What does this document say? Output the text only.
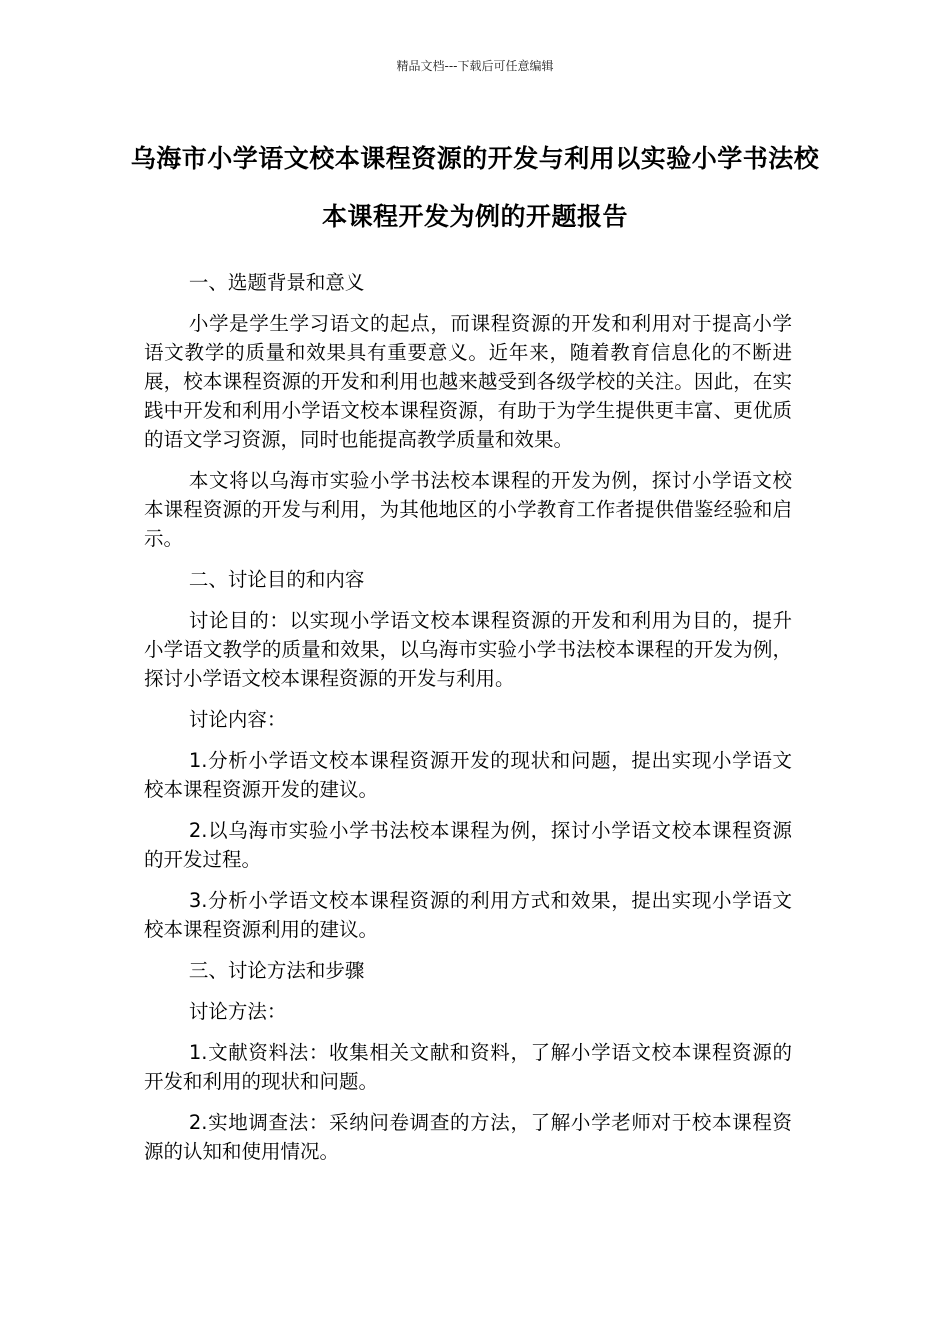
精品文档---下载后可任意编辑
乌海市小学语文校本课程资源的开发与利用以实验小学书法校本课程开发为例的开题报告

一、选题背景和意义

小学是学生学习语文的起点，而课程资源的开发和利用对于提高小学语文教学的质量和效果具有重要意义。近年来，随着教育信息化的不断进展，校本课程资源的开发和利用也越来越受到各级学校的关注。因此，在实践中开发和利用小学语文校本课程资源，有助于为学生提供更丰富、更优质的语文学习资源，同时也能提高教学质量和效果。

本文将以乌海市实验小学书法校本课程的开发为例，探讨小学语文校本课程资源的开发与利用，为其他地区的小学教育工作者提供借鉴经验和启示。

二、讨论目的和内容

讨论目的：以实现小学语文校本课程资源的开发和利用为目的，提升小学语文教学的质量和效果，以乌海市实验小学书法校本课程的开发为例，探讨小学语文校本课程资源的开发与利用。

讨论内容：

1.分析小学语文校本课程资源开发的现状和问题，提出实现小学语文校本课程资源开发的建议。

2.以乌海市实验小学书法校本课程为例，探讨小学语文校本课程资源的开发过程。

3.分析小学语文校本课程资源的利用方式和效果，提出实现小学语文校本课程资源利用的建议。

三、讨论方法和步骤

讨论方法：

1.文献资料法：收集相关文献和资料，了解小学语文校本课程资源的开发和利用的现状和问题。

2.实地调查法：采纳问卷调查的方法，了解小学老师对于校本课程资源的认知和使用情况。
